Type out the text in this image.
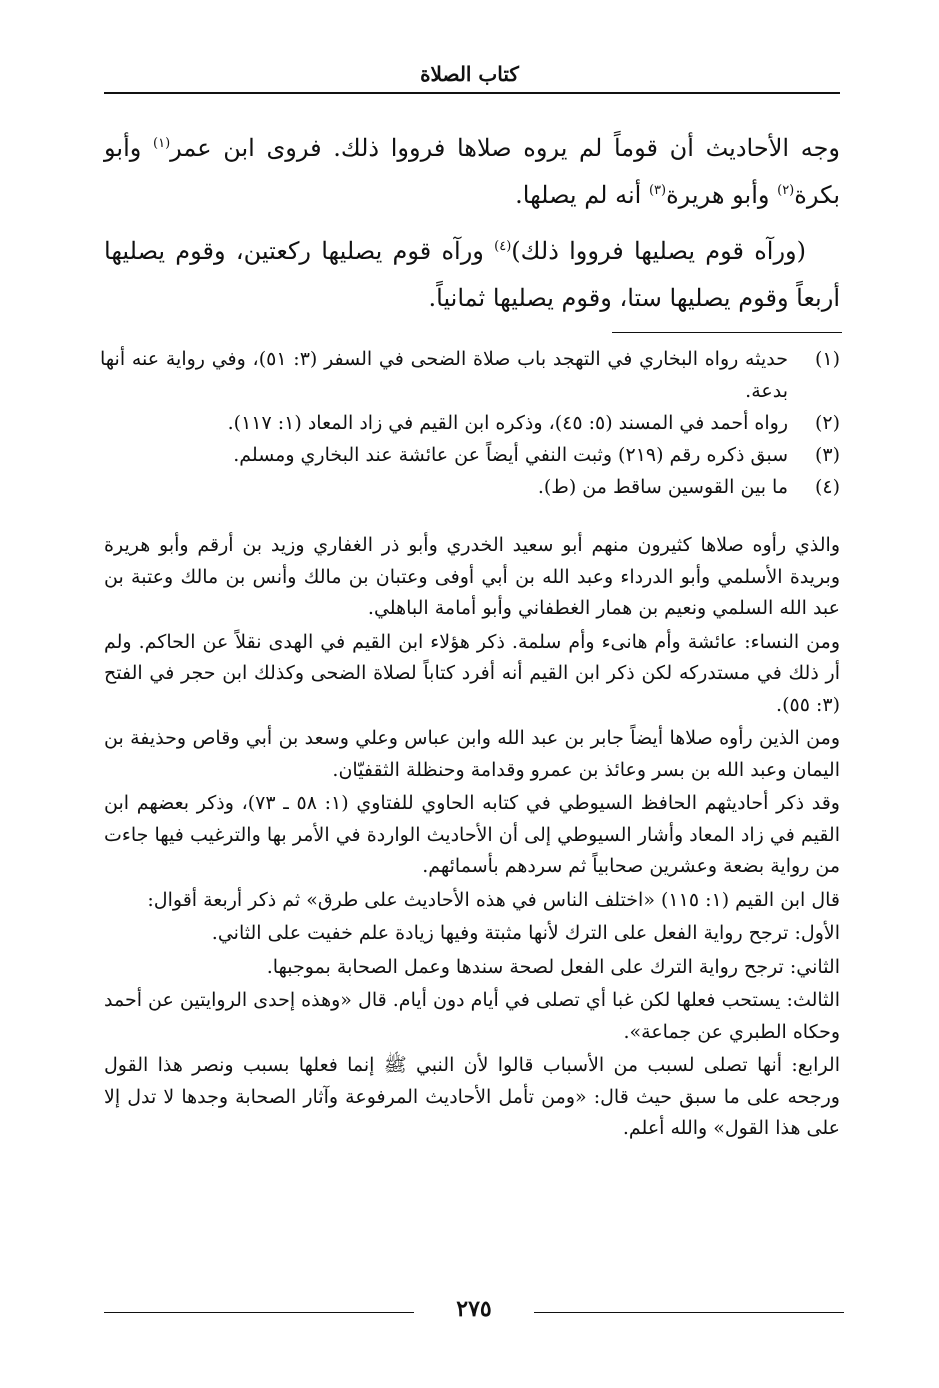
كتاب الصلاة
وجه الأحاديث أن قوماً لم يروه صلاها فرووا ذلك. فروى ابن عمر$^{(١)}$ وأبو بكرة$^{(٢)}$ وأبو هريرة$^{(٣)}$ أنه لم يصلها.
(ورآه قوم يصليها فرووا ذلك)$^{(٤)}$ ورآه قوم يصليها ركعتين، وقوم يصليها أربعاً وقوم يصليها ستا، وقوم يصليها ثمانياً.
(١)
حديثه رواه البخاري في التهجد باب صلاة الضحى في السفر (٣: ٥١)، وفي رواية عنه أنها بدعة.
(٢)
رواه أحمد في المسند (٥: ٤٥)، وذكره ابن القيم في زاد المعاد (١: ١١٧).
(٣)
سبق ذكره رقم (٢١٩) وثبت النفي أيضاً عن عائشة عند البخاري ومسلم.
(٤)
ما بين القوسين ساقط من (ط).

والذي رأوه صلاها كثيرون منهم أبو سعيد الخدري وأبو ذر الغفاري وزيد بن أرقم وأبو هريرة وبريدة الأسلمي وأبو الدرداء وعبد الله بن أبي أوفى وعتبان بن مالك وأنس بن مالك وعتبة بن عبد الله السلمي ونعيم بن همار الغطفاني وأبو أمامة الباهلي.

ومن النساء: عائشة وأم هانىء وأم سلمة. ذكر هؤلاء ابن القيم في الهدى نقلاً عن الحاكم. ولم أر ذلك في مستدركه لكن ذكر ابن القيم أنه أفرد كتاباً لصلاة الضحى وكذلك ابن حجر في الفتح (٣: ٥٥).

ومن الذين رأوه صلاها أيضاً جابر بن عبد الله وابن عباس وعلي وسعد بن أبي وقاص وحذيفة بن اليمان وعبد الله بن بسر وعائذ بن عمرو وقدامة وحنظلة الثقفيّان.

وقد ذكر أحاديثهم الحافظ السيوطي في كتابه الحاوي للفتاوي (١: ٥٨ ـ ٧٣)، وذكر بعضهم ابن القيم في زاد المعاد وأشار السيوطي إلى أن الأحاديث الواردة في الأمر بها والترغيب فيها جاءت من رواية بضعة وعشرين صحابياً ثم سردهم بأسمائهم.

قال ابن القيم (١: ١١٥) «اختلف الناس في هذه الأحاديث على طرق» ثم ذكر أربعة أقوال:

الأول: ترجح رواية الفعل على الترك لأنها مثبتة وفيها زيادة علم خفيت على الثاني.

الثاني: ترجح رواية الترك على الفعل لصحة سندها وعمل الصحابة بموجبها.

الثالث: يستحب فعلها لكن غبا أي تصلى في أيام دون أيام. قال «وهذه إحدى الروايتين عن أحمد وحكاه الطبري عن جماعة».

الرابع: أنها تصلى لسبب من الأسباب قالوا لأن النبي ﷺ إنما فعلها بسبب ونصر هذا القول ورجحه على ما سبق حيث قال: «ومن تأمل الأحاديث المرفوعة وآثار الصحابة وجدها لا تدل إلا على هذا القول» والله أعلم.

٢٧٥
